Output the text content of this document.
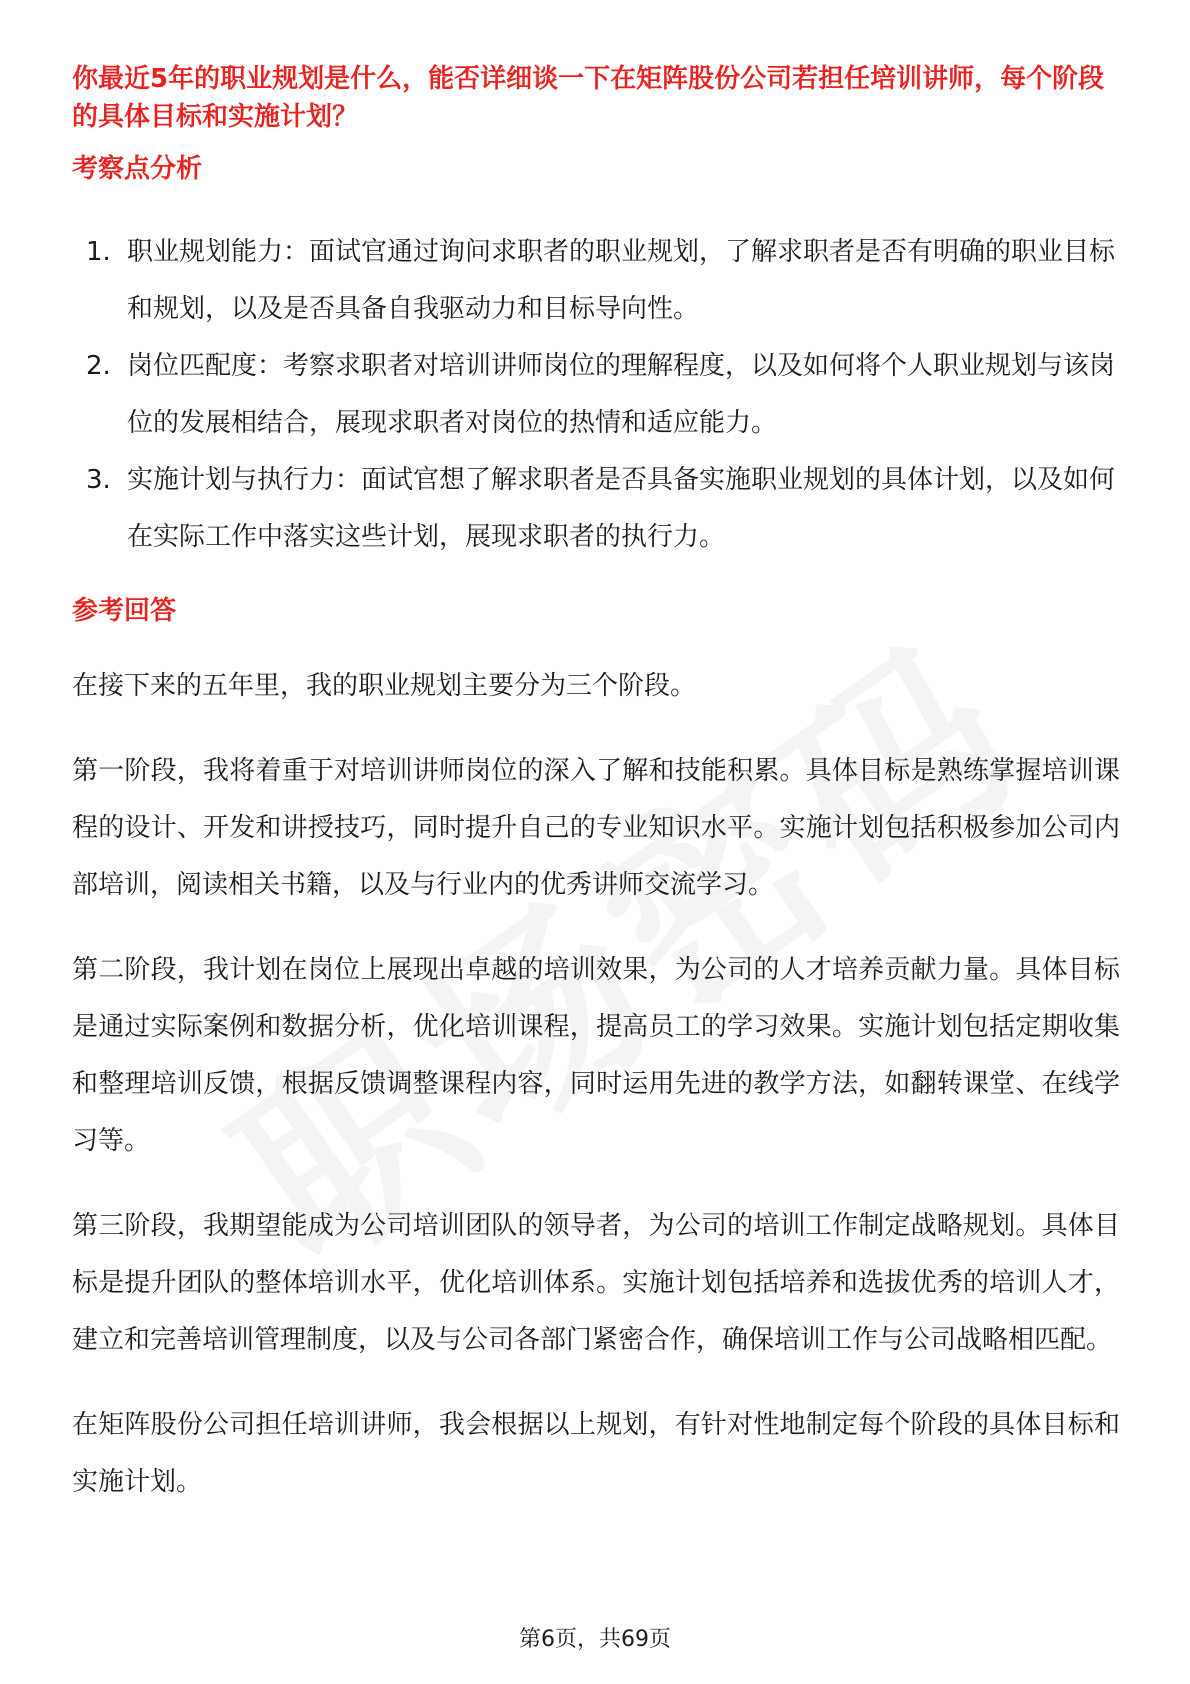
你最近5年的职业规划是什么，能否详细谈一下在矩阵股份公司若担任培训讲师，每个阶段的具体目标和实施计划？

考察点分析

1. 职业规划能力：面试官通过询问求职者的职业规划，了解求职者是否有明确的职业目标和规划，以及是否具备自我驱动力和目标导向性。
2. 岗位匹配度：考察求职者对培训讲师岗位的理解程度，以及如何将个人职业规划与该岗位的发展相结合，展现求职者对岗位的热情和适应能力。
3. 实施计划与执行力：面试官想了解求职者是否具备实施职业规划的具体计划，以及如何在实际工作中落实这些计划，展现求职者的执行力。

参考回答

在接下来的五年里，我的职业规划主要分为三个阶段。

第一阶段，我将着重于对培训讲师岗位的深入了解和技能积累。具体目标是熟练掌握培训课程的设计、开发和讲授技巧，同时提升自己的专业知识水平。实施计划包括积极参加公司内部培训，阅读相关书籍，以及与行业内的优秀讲师交流学习。

第二阶段，我计划在岗位上展现出卓越的培训效果，为公司的人才培养贡献力量。具体目标是通过实际案例和数据分析，优化培训课程，提高员工的学习效果。实施计划包括定期收集和整理培训反馈，根据反馈调整课程内容，同时运用先进的教学方法，如翻转课堂、在线学习等。

第三阶段，我期望能成为公司培训团队的领导者，为公司的培训工作制定战略规划。具体目标是提升团队的整体培训水平，优化培训体系。实施计划包括培养和选拔优秀的培训人才，建立和完善培训管理制度，以及与公司各部门紧密合作，确保培训工作与公司战略相匹配。

在矩阵股份公司担任培训讲师，我会根据以上规划，有针对性地制定每个阶段的具体目标和实施计划。

第6页，共69页
